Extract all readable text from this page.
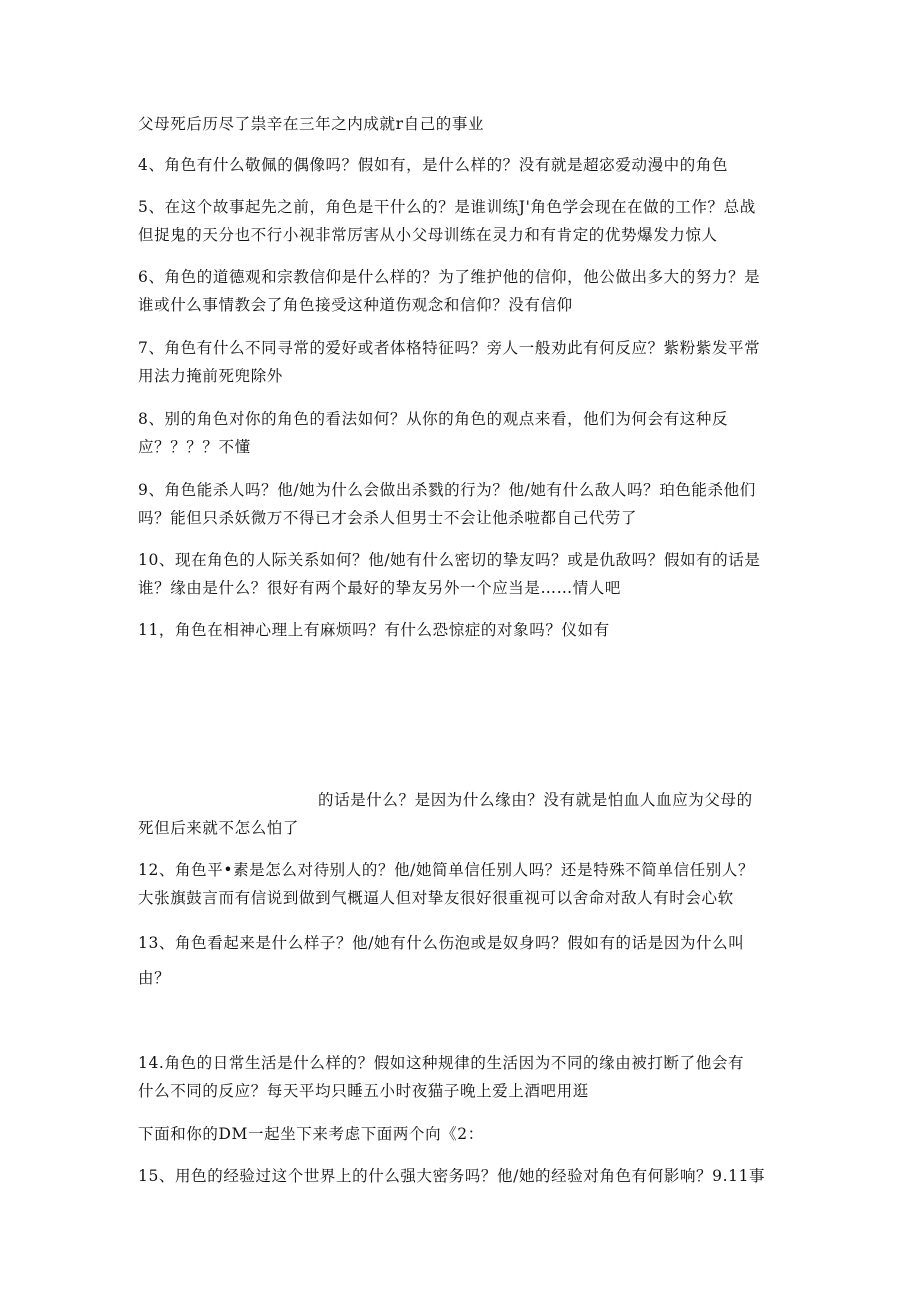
父母死后历尽了祟辛在三年之内成就r自己的事业
4、角色有什么敬佩的偶像吗？假如有，是什么样的？没有就是超宓爱动漫中的角色
5、在这个故事起先之前，角色是干什么的？是谁训练J'角色学会现在在做的工作？总战
但捉鬼的天分也不行小视非常厉害从小父母训练在灵力和有肯定的优势爆发力惊人
6、角色的道德观和宗教信仰是什么样的？为了维护他的信仰，他公做出多大的努力？是
谁或什么事情教会了角色接受这种道伤观念和信仰？没有信仰
7、角色有什么不同寻常的爱好或者体格特征吗？旁人一般劝此有何反应？紫粉紫发平常
用法力掩前死兜除外
8、别的角色对你的角色的看法如何？从你的角色的观点来看，他们为何会有这种反
应？？？？不懂
9、角色能杀人吗？他/她为什么会做出杀戮的行为？他/她有什么敌人吗？珀色能杀他们
吗？能但只杀妖微万不得已才会杀人但男士不会让他杀啦都自己代劳了
10、现在角色的人际关系如何？他/她有什么密切的挚友吗？或是仇敌吗？假如有的话是
谁？缘由是什么？很好有两个最好的挚友另外一个应当是……情人吧
11，角色在相神心理上有麻烦吗？有什么恐惊症的对象吗？仪如有
的话是什么？是因为什么缘由？没有就是怕血人血应为父母的
死但后来就不怎么怕了
12、角色平•素是怎么对待别人的？他/她简单信任别人吗？还是特殊不简单信任别人？
大张旗鼓言而有信说到做到气概逼人但对挚友很好很重视可以舍命对敌人有时会心软
13、角色看起来是什么样子？他/她有什么伤泡或是奴身吗？假如有的话是因为什么叫
由？
14.角色的日常生活是什么样的？假如这种规律的生活因为不同的缘由被打断了他会有
什么不同的反应？每天平均只睡五小时夜猫子晚上爱上酒吧用逛
下面和你的DM一起坐下来考虑下面两个向《2：
15、用色的经验过这个世界上的什么强大密务吗？他/她的经验对角色有何影响？9.11事
